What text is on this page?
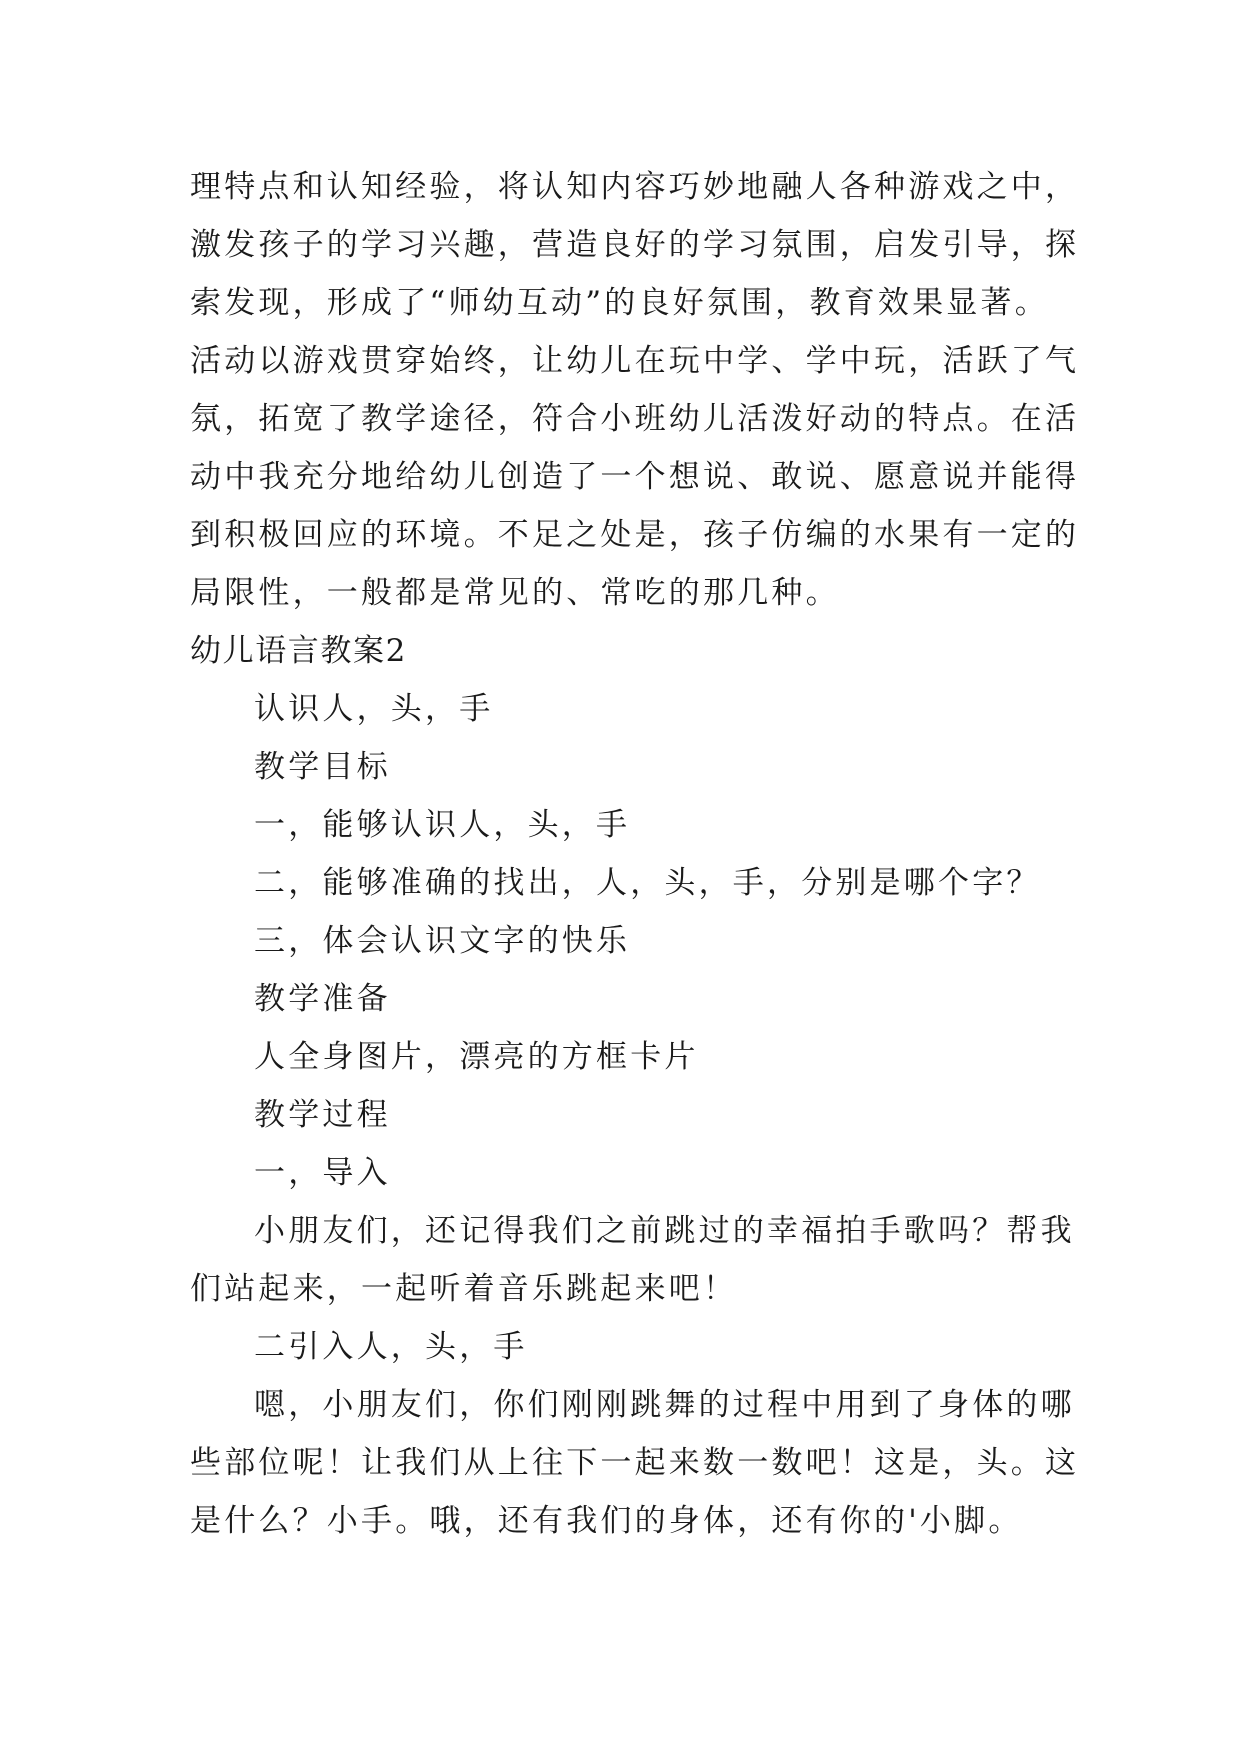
理特点和认知经验，将认知内容巧妙地融人各种游戏之中，
激发孩子的学习兴趣，营造良好的学习氛围，启发引导，探
索发现，形成了“师幼互动”的良好氛围，教育效果显著。
活动以游戏贯穿始终，让幼儿在玩中学、学中玩，活跃了气
氛，拓宽了教学途径，符合小班幼儿活泼好动的特点。在活
动中我充分地给幼儿创造了一个想说、敢说、愿意说并能得
到积极回应的环境。不足之处是，孩子仿编的水果有一定的
局限性，一般都是常见的、常吃的那几种。
幼儿语言教案2
认识人，头，手
教学目标
一，能够认识人，头，手
二，能够准确的找出，人，头，手，分别是哪个字？
三，体会认识文字的快乐
教学准备
人全身图片，漂亮的方框卡片
教学过程
一，导入
小朋友们，还记得我们之前跳过的幸福拍手歌吗？帮我
们站起来，一起听着音乐跳起来吧！
二引入人，头，手
嗯，小朋友们，你们刚刚跳舞的过程中用到了身体的哪
些部位呢！让我们从上往下一起来数一数吧！这是，头。这
是什么？小手。哦，还有我们的身体，还有你的'小脚。
